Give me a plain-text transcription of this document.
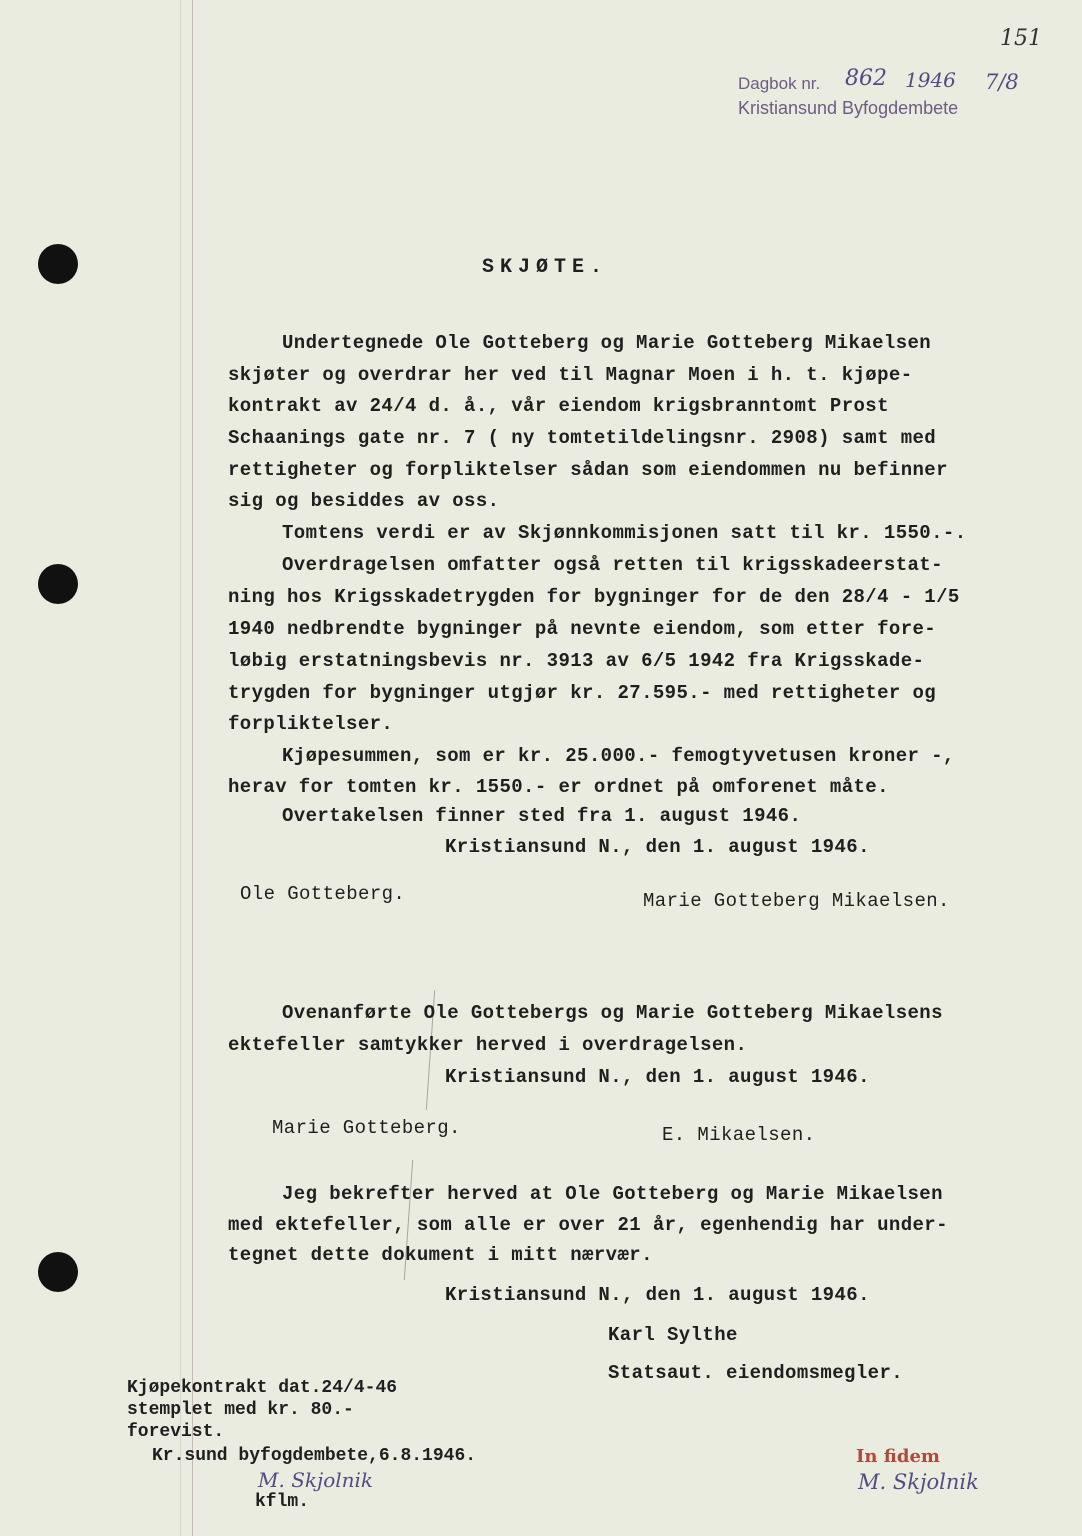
151
Dagbok nr. 862 1946 7/8
Kristiansund Byfogdembete
SKJØTE.
Undertegnede Ole Gotteberg og Marie Gotteberg Mikaelsen
skjøter og overdrar her ved til Magnar Moen i h. t. kjøpe-
kontrakt av 24/4 d. å., vår eiendom krigsbranntomt Prost
Schaanings gate nr. 7 ( ny tomtetildelingsnr. 2908) samt med
rettigheter og forpliktelser sådan som eiendommen nu befinner
sig og besiddes av oss.
Tomtens verdi er av Skjønnkommisjonen satt til kr. 1550.-.
Overdragelsen omfatter også retten til krigsskadeerstat-
ning hos Krigsskadetrygden for bygninger for de den 28/4 - 1/5
1940 nedbrendte bygninger på nevnte eiendom, som etter fore-
løbig erstatningsbevis nr. 3913 av 6/5 1942 fra Krigsskade-
trygden for bygninger utgjør kr. 27.595.- med rettigheter og
forpliktelser.
Kjøpesummen, som er kr. 25.000.- femogtyvetusen kroner -,
herav for tomten kr. 1550.- er ordnet på omforenet måte.
Overtakelsen finner sted fra 1. august 1946.
Kristiansund N., den 1. august 1946.
Ole Gotteberg.	Marie Gotteberg Mikaelsen.
Ovenanførte Ole Gottebergs og Marie Gotteberg Mikaelsens
ektefeller samtykker herved i overdragelsen.
Kristiansund N., den 1. august 1946.
Marie Gotteberg.	E. Mikaelsen.
Jeg bekrefter herved at Ole Gotteberg og Marie Mikaelsen
med ektefeller, som alle er over 21 år, egenhendig har under-
tegnet dette dokument i mitt nærvær.
Kristiansund N., den 1. august 1946.
Karl Sylthe
Statsaut. eiendomsmegler.
Kjøpekontrakt dat.24/4-46
stemplet med kr. 80.-
forevist.
Kr.sund byfogdembete,6.8.1946.
M. Skjolnik
kflm.
In fidem
M. Skjolnik
